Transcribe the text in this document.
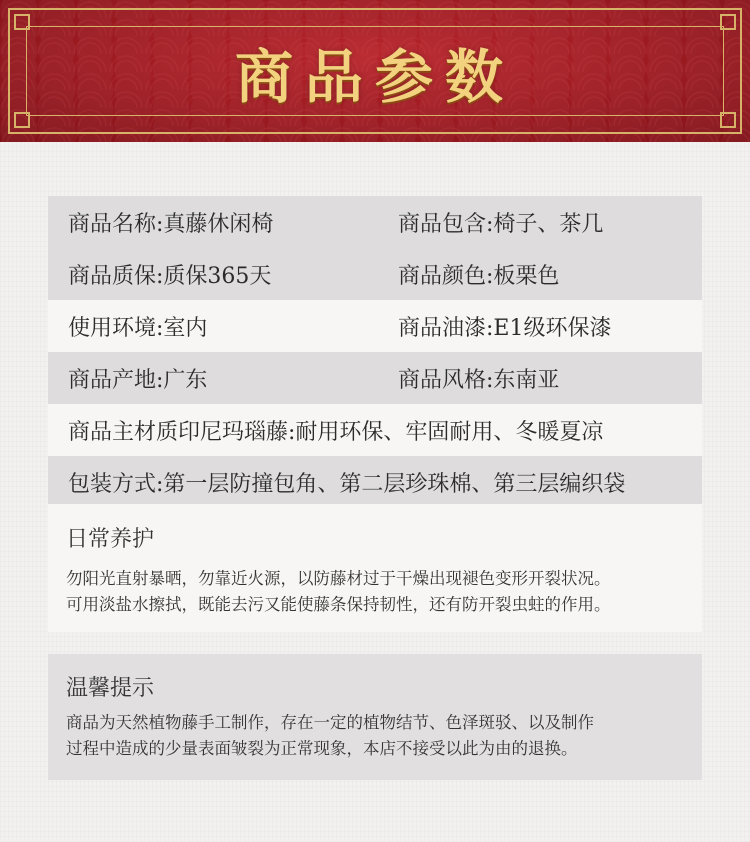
商品参数
商品名称:真藤休闲椅	商品包含:椅子、茶几
商品质保:质保365天	商品颜色:板栗色
使用环境:室内	商品油漆:E1级环保漆
商品产地:广东	商品风格:东南亚
商品主材质印尼玛瑙藤:耐用环保、牢固耐用、冬暖夏凉
包装方式:第一层防撞包角、第二层珍珠棉、第三层编织袋
日常养护
勿阳光直射暴晒，勿靠近火源，以防藤材过于干燥出现褪色变形开裂状况。
可用淡盐水擦拭，既能去污又能使藤条保持韧性，还有防开裂虫蛀的作用。
温馨提示
商品为天然植物藤手工制作，存在一定的植物结节、色泽斑驳、以及制作
过程中造成的少量表面皱裂为正常现象，本店不接受以此为由的退换。
